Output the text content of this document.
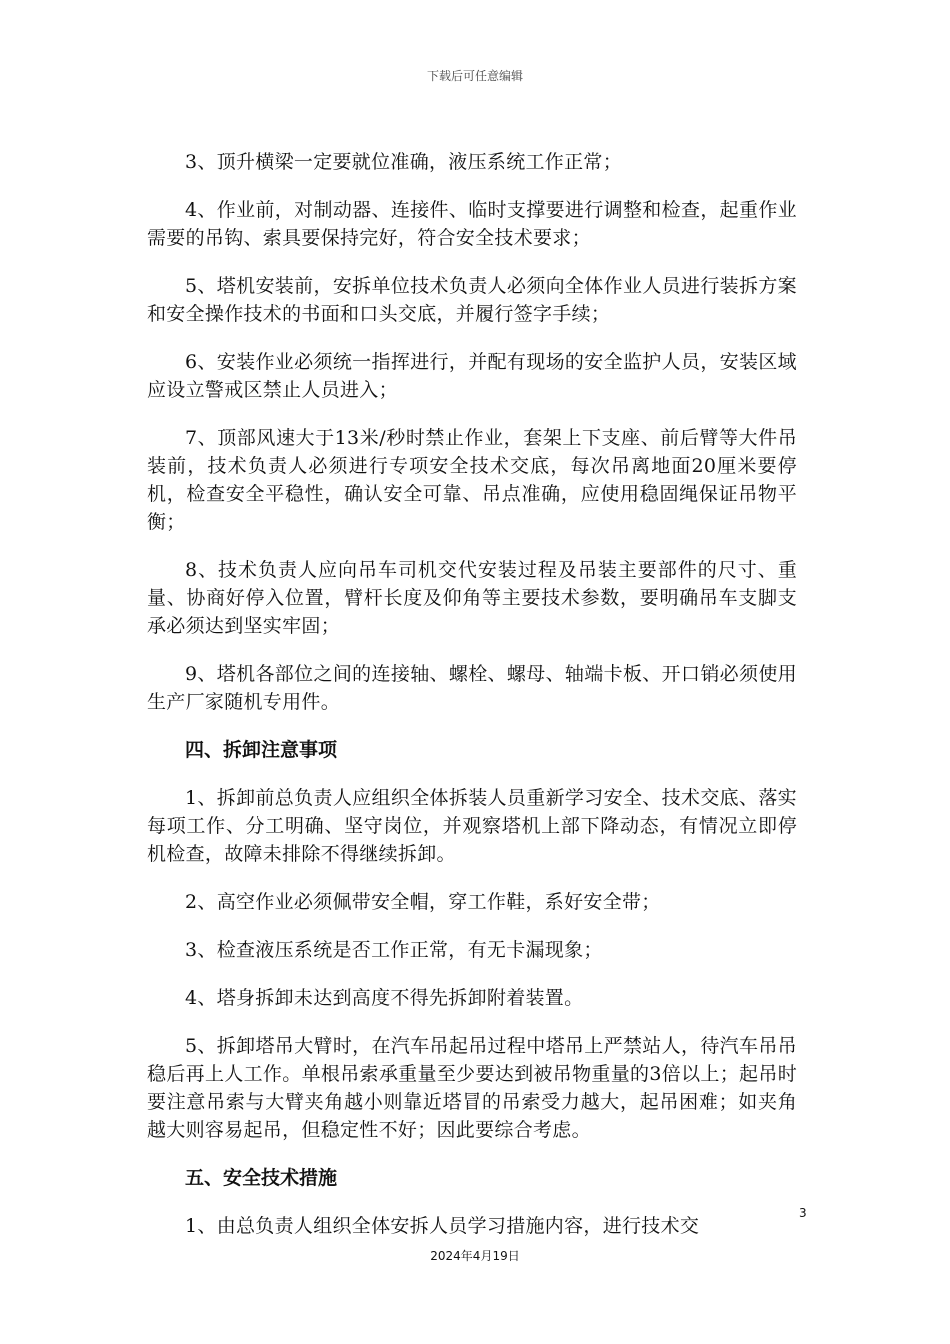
下载后可任意编辑

3、顶升横梁一定要就位准确，液压系统工作正常；

4、作业前，对制动器、连接件、临时支撑要进行调整和检查，起重作业需要的吊钩、索具要保持完好，符合安全技术要求；

5、塔机安装前，安拆单位技术负责人必须向全体作业人员进行装拆方案和安全操作技术的书面和口头交底，并履行签字手续；

6、安装作业必须统一指挥进行，并配有现场的安全监护人员，安装区域应设立警戒区禁止人员进入；

7、顶部风速大于13米/秒时禁止作业，套架上下支座、前后臂等大件吊装前，技术负责人必须进行专项安全技术交底，每次吊离地面20厘米要停机，检查安全平稳性，确认安全可靠、吊点准确，应使用稳固绳保证吊物平衡；

8、技术负责人应向吊车司机交代安装过程及吊装主要部件的尺寸、重量、协商好停入位置，臂杆长度及仰角等主要技术参数，要明确吊车支脚支承必须达到坚实牢固；

9、塔机各部位之间的连接轴、螺栓、螺母、轴端卡板、开口销必须使用生产厂家随机专用件。

四、拆卸注意事项

1、拆卸前总负责人应组织全体拆装人员重新学习安全、技术交底、落实每项工作、分工明确、坚守岗位，并观察塔机上部下降动态，有情况立即停机检查，故障未排除不得继续拆卸。

2、高空作业必须佩带安全帽，穿工作鞋，系好安全带；

3、检查液压系统是否工作正常，有无卡漏现象；

4、塔身拆卸未达到高度不得先拆卸附着装置。

5、拆卸塔吊大臂时，在汽车吊起吊过程中塔吊上严禁站人，待汽车吊吊稳后再上人工作。单根吊索承重量至少要达到被吊物重量的3倍以上；起吊时要注意吊索与大臂夹角越小则靠近塔冒的吊索受力越大，起吊困难；如夹角越大则容易起吊，但稳定性不好；因此要综合考虑。

五、安全技术措施

1、由总负责人组织全体安拆人员学习措施内容，进行技术交

3
2024年4月19日
